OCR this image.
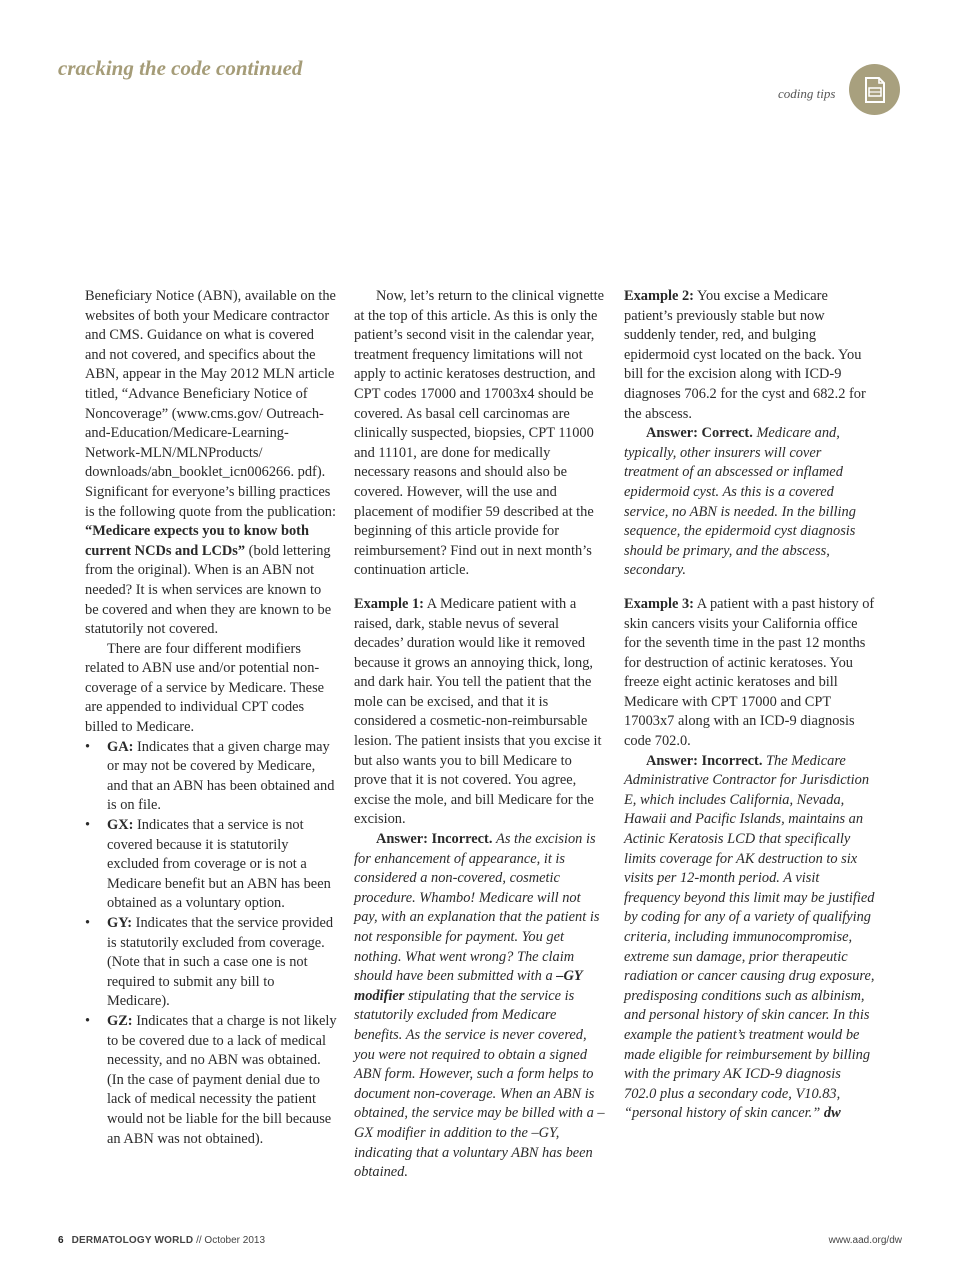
cracking the code continued
coding tips

Beneficiary Notice (ABN), available on the websites of both your Medicare contractor and CMS. Guidance on what is covered and not covered, and specifics about the ABN, appear in the May 2012 MLN article titled, “Advance Beneficiary Notice of Noncoverage” (www.cms.gov/ Outreach-and-Education/Medicare-Learning-Network-MLN/MLNProducts/ downloads/abn_booklet_icn006266. pdf). Significant for everyone’s billing practices is the following quote from the publication: “Medicare expects you to know both current NCDs and LCDs” (bold lettering from the original). When is an ABN not needed? It is when services are known to be covered and when they are known to be statutorily not covered.

There are four different modifiers related to ABN use and/or potential non-coverage of a service by Medicare. These are appended to individual CPT codes billed to Medicare.

• GA: Indicates that a given charge may or may not be covered by Medicare, and that an ABN has been obtained and is on file.
• GX: Indicates that a service is not covered because it is statutorily excluded from coverage or is not a Medicare benefit but an ABN has been obtained as a voluntary option.
• GY: Indicates that the service provided is statutorily excluded from coverage. (Note that in such a case one is not required to submit any bill to Medicare).
• GZ: Indicates that a charge is not likely to be covered due to a lack of medical necessity, and no ABN was obtained. (In the case of payment denial due to lack of medical necessity the patient would not be liable for the bill because an ABN was not obtained).

Now, let’s return to the clinical vignette at the top of this article. As this is only the patient’s second visit in the calendar year, treatment frequency limitations will not apply to actinic keratoses destruction, and CPT codes 17000 and 17003x4 should be covered. As basal cell carcinomas are clinically suspected, biopsies, CPT 11000 and 11101, are done for medically necessary reasons and should also be covered. However, will the use and placement of modifier 59 described at the beginning of this article provide for reimbursement? Find out in next month’s continuation article.

Example 1: A Medicare patient with a raised, dark, stable nevus of several decades’ duration would like it removed because it grows an annoying thick, long, and dark hair. You tell the patient that the mole can be excised, and that it is considered a cosmetic-non-reimbursable lesion. The patient insists that you excise it but also wants you to bill Medicare to prove that it is not covered. You agree, excise the mole, and bill Medicare for the excision.

Answer: Incorrect. As the excision is for enhancement of appearance, it is considered a non-covered, cosmetic procedure. Whambo! Medicare will not pay, with an explanation that the patient is not responsible for payment. You get nothing. What went wrong? The claim should have been submitted with a –GY modifier stipulating that the service is statutorily excluded from Medicare benefits. As the service is never covered, you were not required to obtain a signed ABN form. However, such a form helps to document non-coverage. When an ABN is obtained, the service may be billed with a –GX modifier in addition to the –GY, indicating that a voluntary ABN has been obtained.

Example 2: You excise a Medicare patient’s previously stable but now suddenly tender, red, and bulging epidermoid cyst located on the back. You bill for the excision along with ICD-9 diagnoses 706.2 for the cyst and 682.2 for the abscess.

Answer: Correct. Medicare and, typically, other insurers will cover treatment of an abscessed or inflamed epidermoid cyst. As this is a covered service, no ABN is needed. In the billing sequence, the epidermoid cyst diagnosis should be primary, and the abscess, secondary.

Example 3: A patient with a past history of skin cancers visits your California office for the seventh time in the past 12 months for destruction of actinic keratoses. You freeze eight actinic keratoses and bill Medicare with CPT 17000 and CPT 17003x7 along with an ICD-9 diagnosis code 702.0.

Answer: Incorrect. The Medicare Administrative Contractor for Jurisdiction E, which includes California, Nevada, Hawaii and Pacific Islands, maintains an Actinic Keratosis LCD that specifically limits coverage for AK destruction to six visits per 12-month period. A visit frequency beyond this limit may be justified by coding for any of a variety of qualifying criteria, including immunocompromise, extreme sun damage, prior therapeutic radiation or cancer causing drug exposure, predisposing conditions such as albinism, and personal history of skin cancer. In this example the patient’s treatment would be made eligible for reimbursement by billing with the primary AK ICD-9 diagnosis 702.0 plus a secondary code, V10.83, “personal history of skin cancer.” dw

6 DERMATOLOGY WORLD // October 2013	www.aad.org/dw
